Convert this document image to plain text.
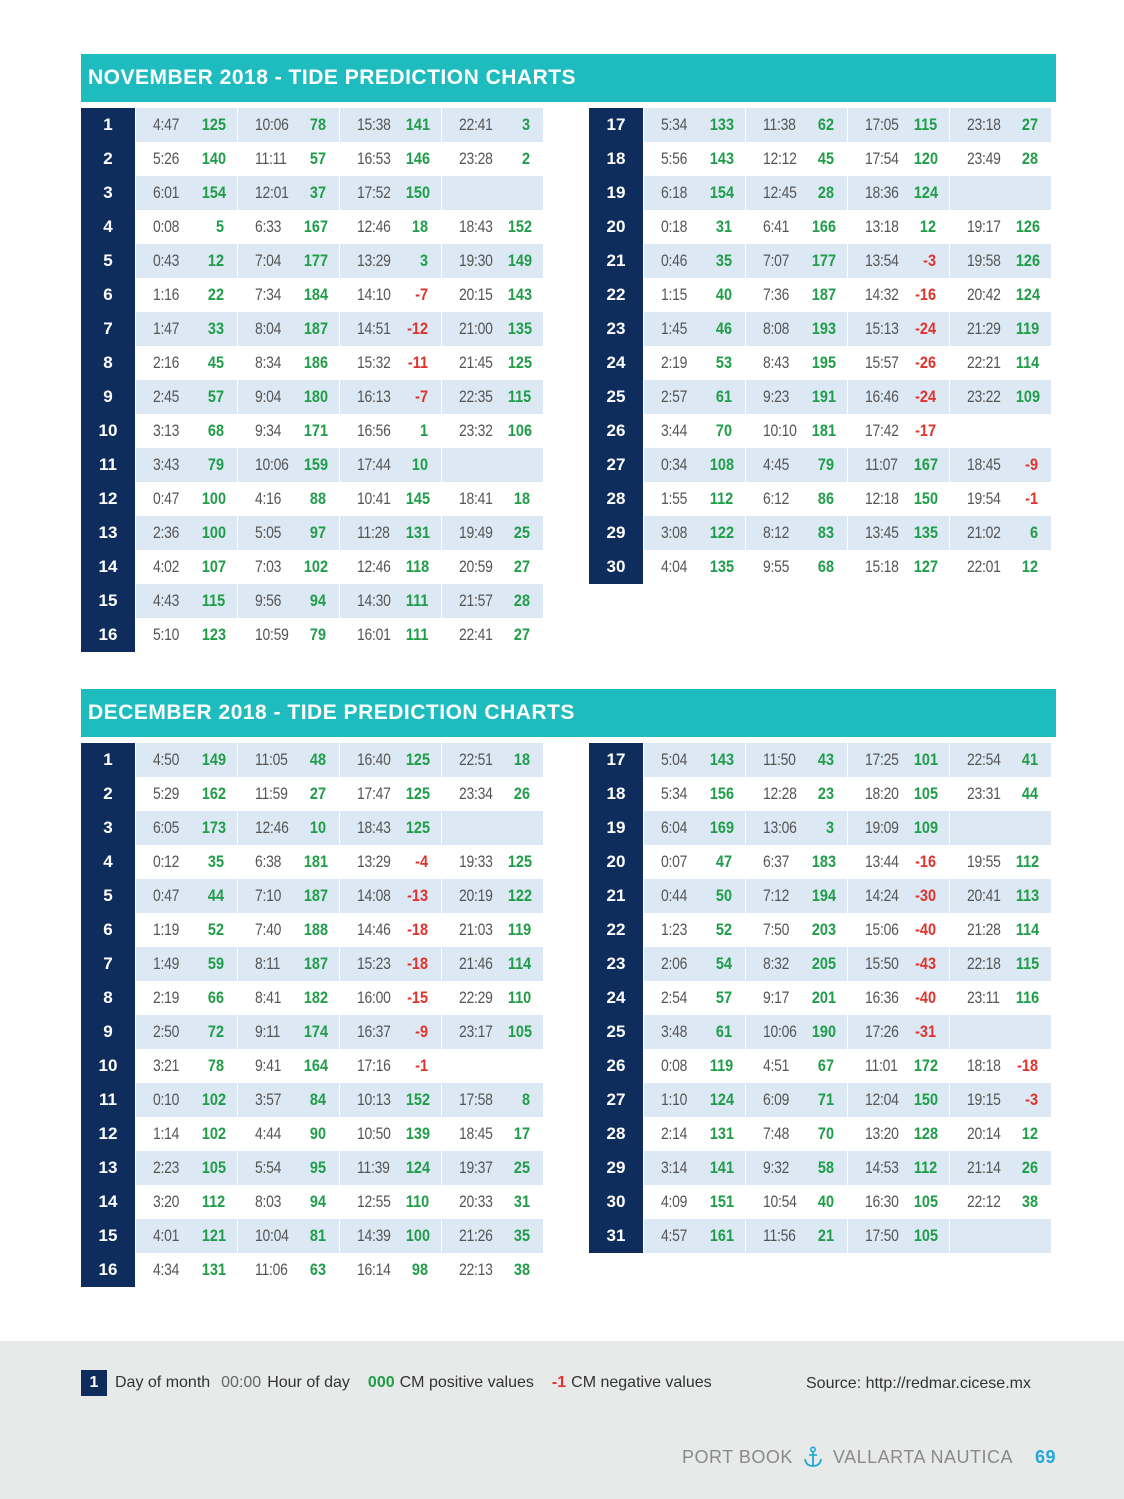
NOVEMBER 2018 - TIDE PREDICTION CHARTS
1	4:47	125 10:06	78 15:38 141 22:41	3
2	5:26	140 11:11	57 16:53 146 23:28	2
3	6:01	154 12:01	37 17:52 150
4	0:08	5 6:33	167 12:46	18 18:43 152
5	0:43	12 7:04	177 13:29	3 19:30 149
6	1:16	22 7:34	184 14:10	-7 20:15 143
7	1:47	33 8:04	187 14:51 -12 21:00 135
8	2:16	45 8:34	186 15:32 -11 21:45 125
9	2:45	57 9:04	180 16:13	-7 22:35 115
10	3:13	68 9:34	171 16:56	1 23:32 106
11	3:43	79 10:06 159 17:44	10
12	0:47	100 4:16	88 10:41 145 18:41	18
13	2:36	100 5:05	97 11:28 131 19:49	25
14	4:02	107 7:03	102 12:46 118 20:59	27
15	4:43	115 9:56	94 14:30 111 21:57	28
16	5:10	123 10:59	79 16:01 111 22:41	27
17	5:34	133 11:38	62 17:05 115 23:18	27
18	5:56	143 12:12	45 17:54 120 23:49	28
19	6:18	154 12:45	28 18:36 124
20	0:18	31 6:41	166 13:18	12 19:17 126
21	0:46	35 7:07	177 13:54	-3 19:58 126
22	1:15	40 7:36	187 14:32 -16 20:42 124
23	1:45	46 8:08	193 15:13 -24 21:29 119
24	2:19	53 8:43	195 15:57 -26 22:21 114
25	2:57	61 9:23	191 16:46 -24 23:22 109
26	3:44	70 10:10 181 17:42 -17
27	0:34	108 4:45	79 11:07 167 18:45	-9
28	1:55	112 6:12	86 12:18 150 19:54	-1
29	3:08	122 8:12	83 13:45 135 21:02	6
30	4:04	135 9:55	68 15:18 127 22:01	12
DECEMBER 2018 - TIDE PREDICTION CHARTS
1	4:50	149 11:05	48 16:40 125 22:51	18
2	5:29	162 11:59	27 17:47 125 23:34	26
3	6:05	173 12:46	10 18:43 125
4	0:12	35 6:38	181 13:29	-4 19:33 125
5	0:47	44 7:10	187 14:08 -13 20:19 122
6	1:19	52 7:40	188 14:46 -18 21:03 119
7	1:49	59 8:11	187 15:23 -18 21:46 114
8	2:19	66 8:41	182 16:00 -15 22:29 110
9	2:50	72 9:11	174 16:37	-9 23:17 105
10	3:21	78 9:41	164 17:16	-1
11	0:10	102 3:57	84 10:13 152 17:58	8
12	1:14	102 4:44	90 10:50 139 18:45	17
13	2:23	105 5:54	95 11:39 124 19:37	25
14	3:20	112 8:03	94 12:55 110 20:33	31
15	4:01	121 10:04	81 14:39 100 21:26	35
16	4:34	131 11:06	63 16:14	98 22:13	38
17	5:04	143 11:50	43 17:25 101 22:54	41
18	5:34	156 12:28	23 18:20 105 23:31	44
19	6:04	169 13:06	3 19:09 109
20	0:07	47 6:37	183 13:44 -16 19:55 112
21	0:44	50 7:12	194 14:24 -30 20:41 113
22	1:23	52 7:50	203 15:06 -40 21:28 114
23	2:06	54 8:32	205 15:50 -43 22:18 115
24	2:54	57 9:17	201 16:36 -40 23:11 116
25	3:48	61 10:06 190 17:26 -31
26	0:08	119 4:51	67 11:01 172 18:18 -18
27	1:10	124 6:09	71 12:04 150 19:15	-3
28	2:14	131 7:48	70 13:20 128 20:14	12
29	3:14	141 9:32	58 14:53 112 21:14	26
30	4:09	151 10:54	40 16:30 105 22:12	38
31	4:57	161 11:56	21 17:50 105
1	Day of month 00:00 Hour of day 000 CM positive values -1 CM negative values	Source: http://redmar.cicese.mx
PORT BOOK VALLARTA NAUTICA 69
